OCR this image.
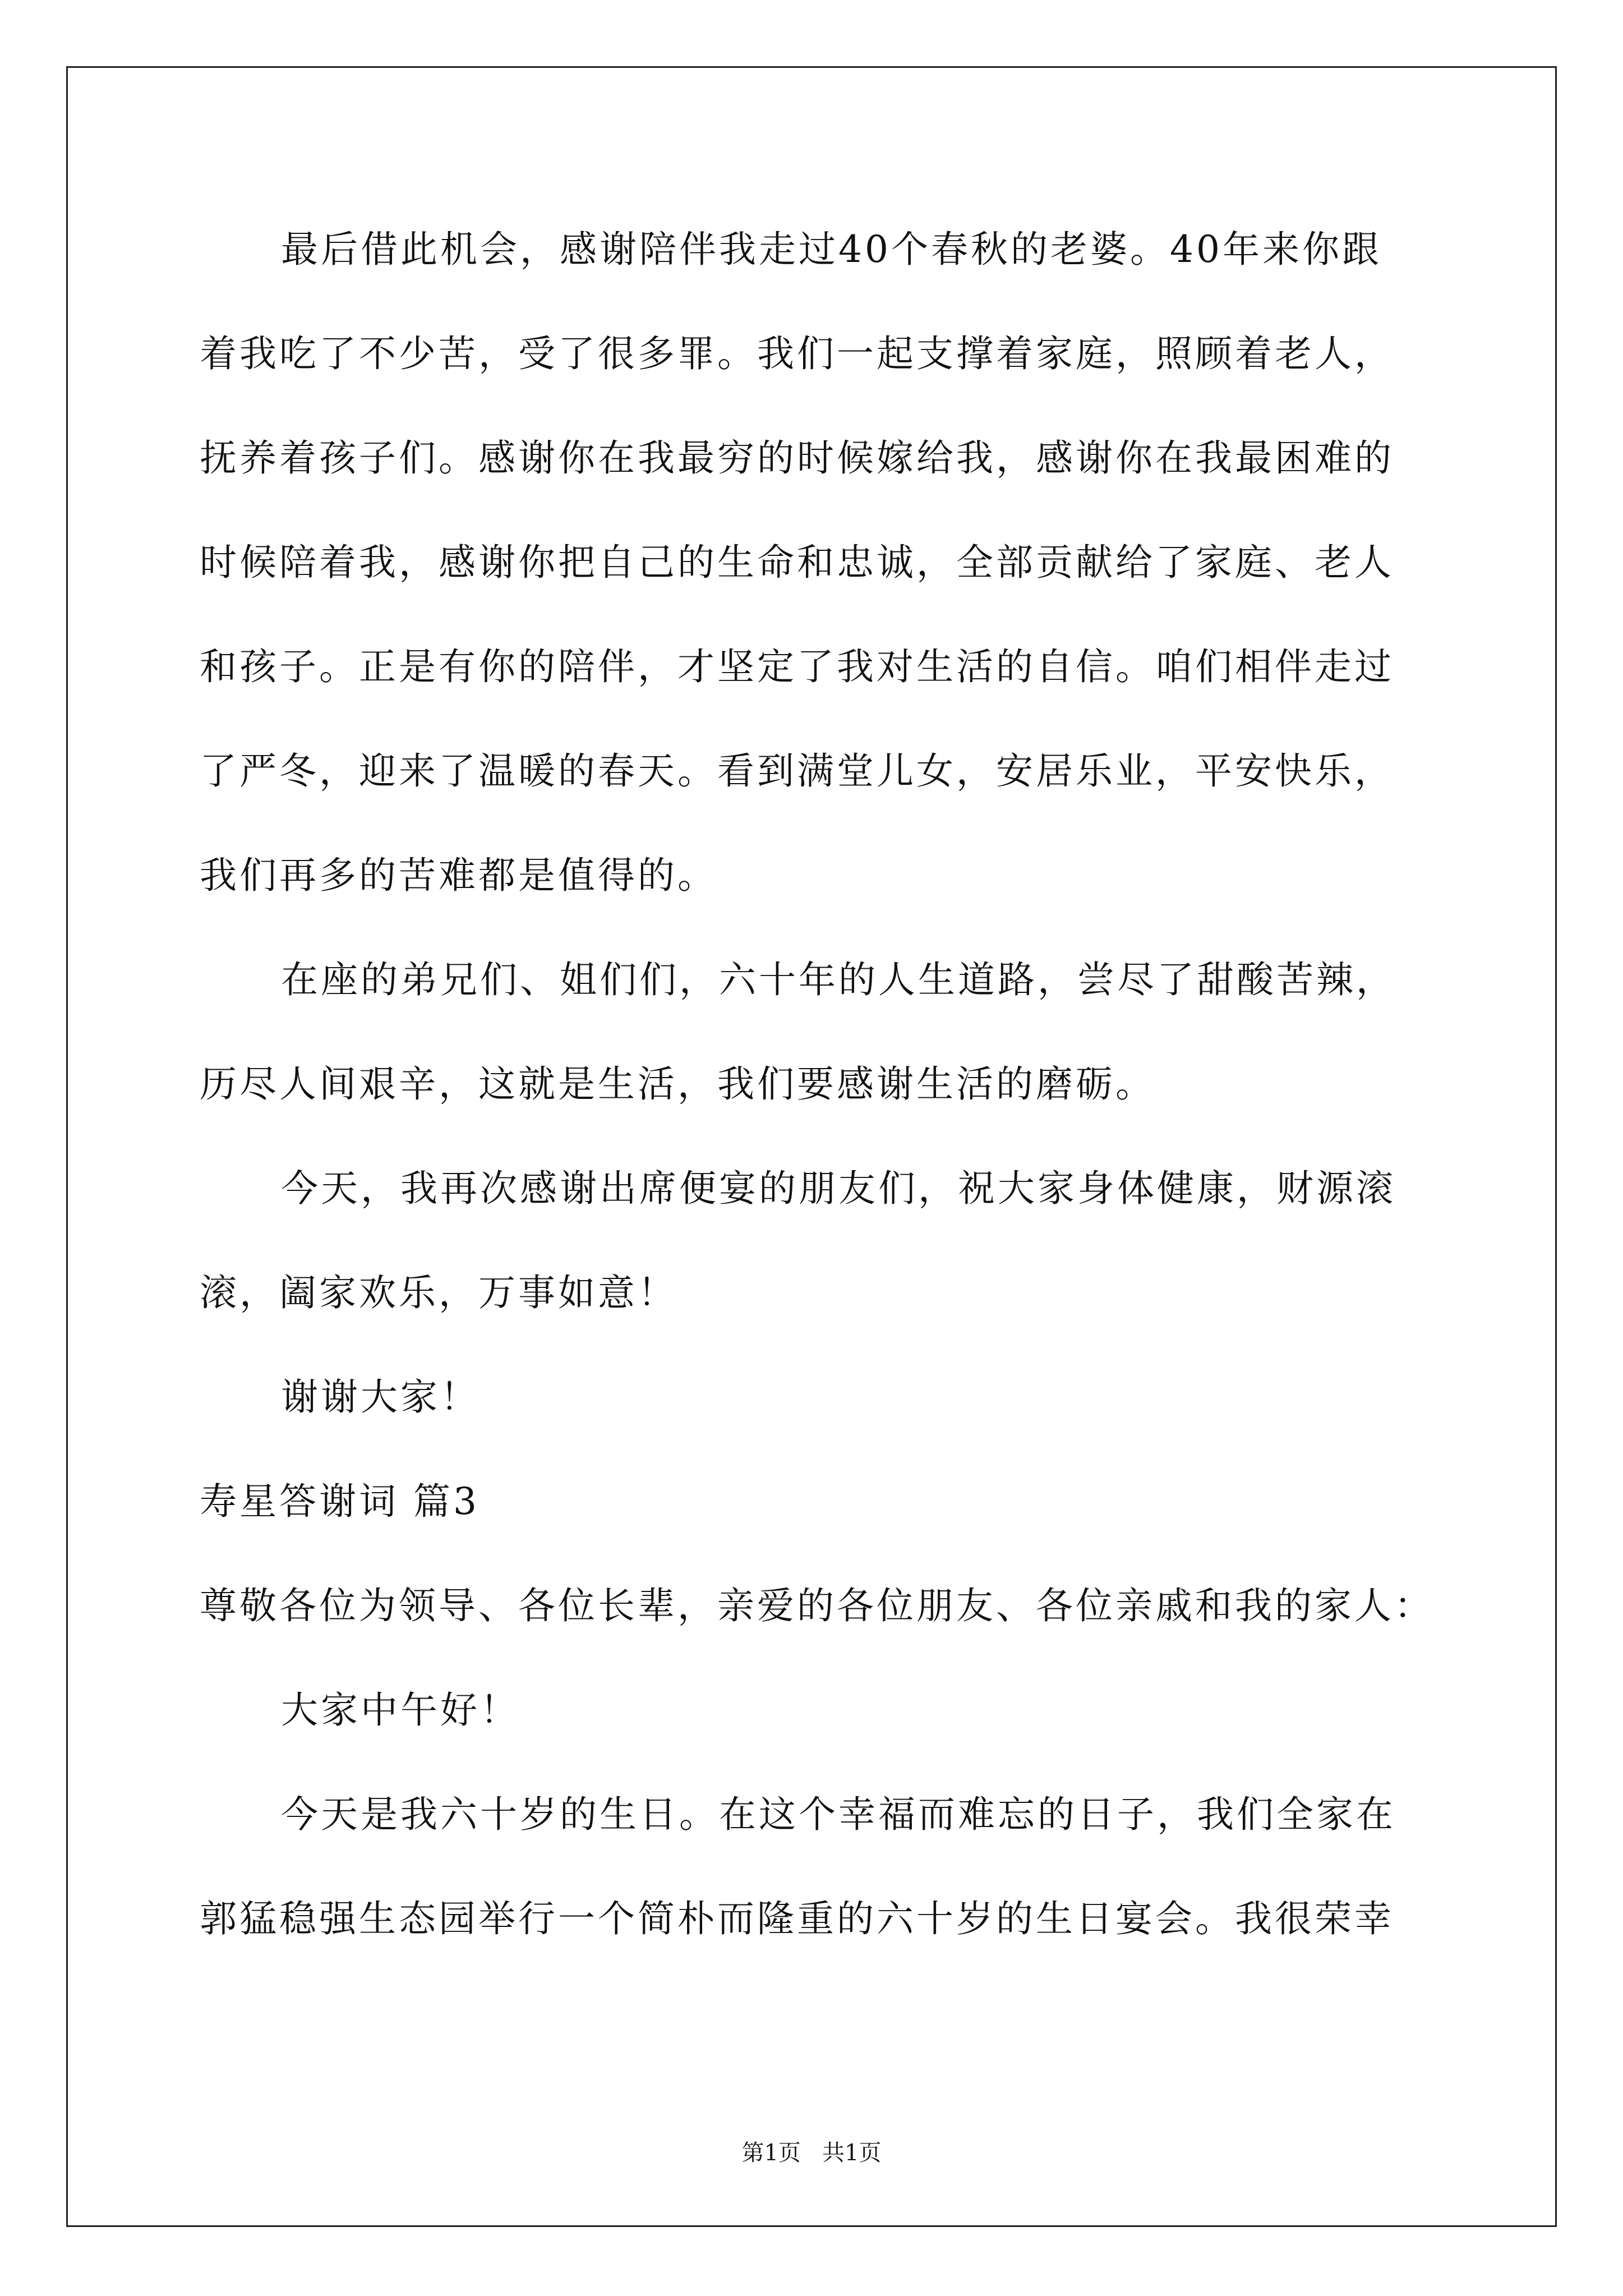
最后借此机会，感谢陪伴我走过40个春秋的老婆。40年来你跟
着我吃了不少苦，受了很多罪。我们一起支撑着家庭，照顾着老人，
抚养着孩子们。感谢你在我最穷的时候嫁给我，感谢你在我最困难的
时候陪着我，感谢你把自己的生命和忠诚，全部贡献给了家庭、老人
和孩子。正是有你的陪伴，才坚定了我对生活的自信。咱们相伴走过
了严冬，迎来了温暖的春天。看到满堂儿女，安居乐业，平安快乐，
我们再多的苦难都是值得的。
在座的弟兄们、姐们们，六十年的人生道路，尝尽了甜酸苦辣，
历尽人间艰辛，这就是生活，我们要感谢生活的磨砺。
今天，我再次感谢出席便宴的朋友们，祝大家身体健康，财源滚
滚，阖家欢乐，万事如意！
谢谢大家！
寿星答谢词 篇3
尊敬各位为领导、各位长辈，亲爱的各位朋友、各位亲戚和我的家人：
大家中午好！
今天是我六十岁的生日。在这个幸福而难忘的日子，我们全家在
郭猛稳强生态园举行一个简朴而隆重的六十岁的生日宴会。我很荣幸
第1页   共1页
